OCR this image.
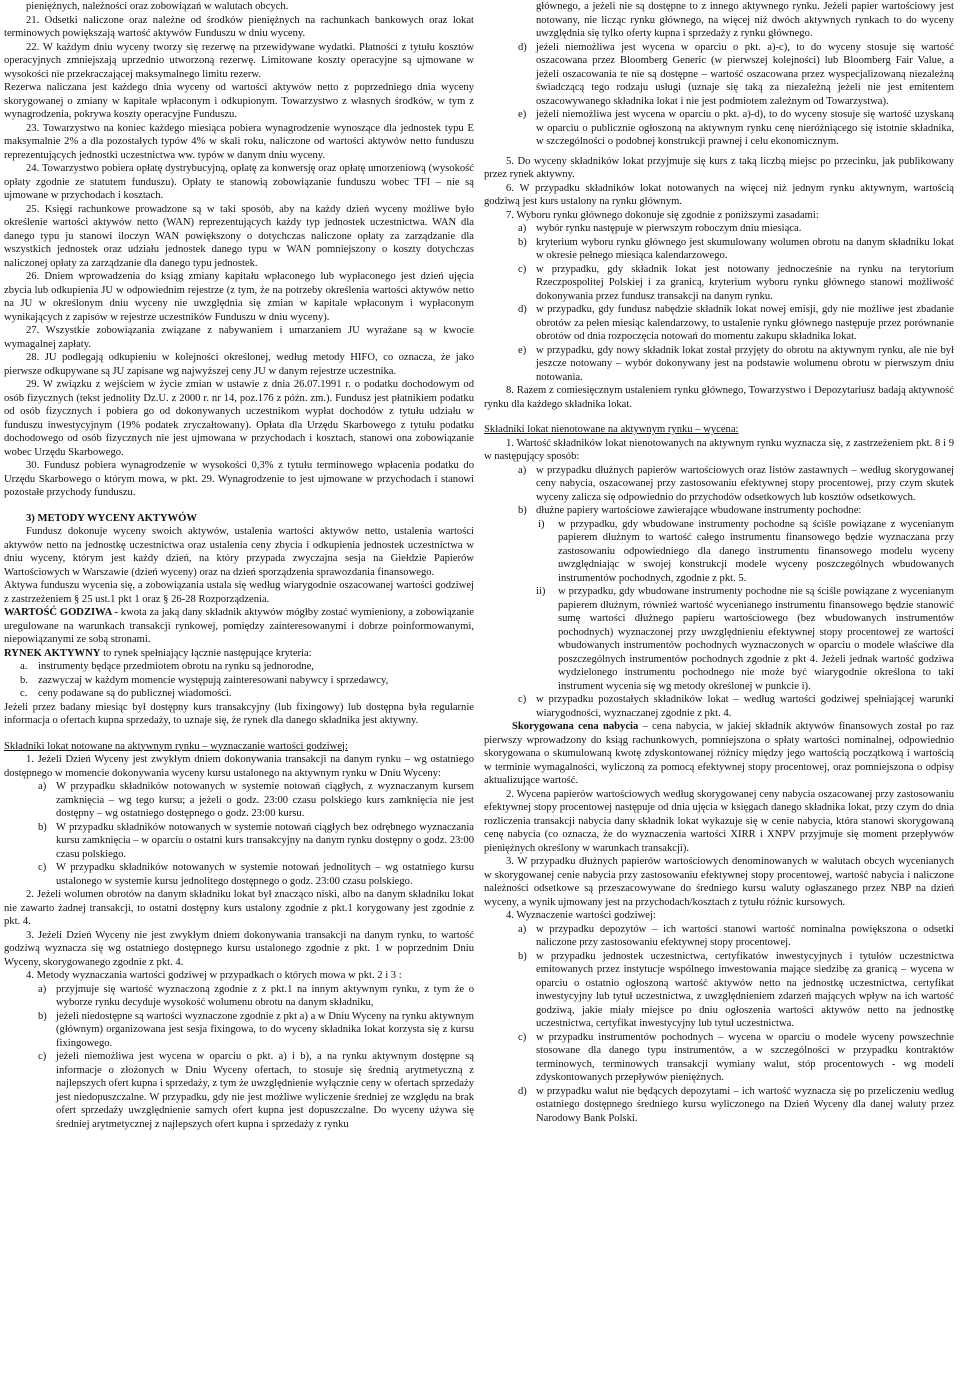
pieniężnych, należności oraz zobowiązań w walutach obcych.

21. Odsetki naliczone oraz należne od środków pieniężnych na rachunkach bankowych oraz lokat terminowych powiększają wartość aktywów Funduszu w dniu wyceny.

22. W każdym dniu wyceny tworzy się rezerwę na przewidywane wydatki. Płatności z tytułu kosztów operacyjnych zmniejszają uprzednio utworzoną rezerwę. Limitowane koszty operacyjne są ujmowane w wysokości nie przekraczającej maksymalnego limitu rezerw.

Rezerwa naliczana jest każdego dnia wyceny od wartości aktywów netto z poprzedniego dnia wyceny skorygowanej o zmiany w kapitale wpłaconym i odkupionym. Towarzystwo z własnych środków, w tym z wynagrodzenia, pokrywa koszty operacyjne Funduszu.

23. Towarzystwo na koniec każdego miesiąca pobiera wynagrodzenie wynoszące dla jednostek typu E maksymalnie 2% a dla pozostałych typów 4% w skali roku, naliczone od wartości aktywów netto funduszu reprezentujących jednostki uczestnictwa ww. typów w danym dniu wyceny.

24. Towarzystwo pobiera opłatę dystrybucyjną, opłatę za konwersję oraz opłatę umorzeniową (wysokość opłaty zgodnie ze statutem funduszu). Opłaty te stanowią zobowiązanie funduszu wobec TFI – nie są ujmowane w przychodach i kosztach.

25. Księgi rachunkowe prowadzone są w taki sposób, aby na każdy dzień wyceny możliwe było określenie wartości aktywów netto (WAN) reprezentujących każdy typ jednostek uczestnictwa. WAN dla danego typu ju stanowi iloczyn WAN powiększony o dotychczas naliczone opłaty za zarządzanie dla wszystkich jednostek oraz udziału jednostek danego typu w WAN pomniejszony o koszty dotychczas naliczonej opłaty za zarządzanie dla danego typu jednostek.

26. Dniem wprowadzenia do ksiąg zmiany kapitału wpłaconego lub wypłaconego jest dzień ujęcia zbycia lub odkupienia JU w odpowiednim rejestrze (z tym, że na potrzeby określenia wartości aktywów netto na JU w określonym dniu wyceny nie uwzględnia się zmian w kapitale wpłaconym i wypłaconym wynikających z zapisów w rejestrze uczestników Funduszu w dniu wyceny).

27. Wszystkie zobowiązania związane z nabywaniem i umarzaniem JU wyrażane są w kwocie wymagalnej zapłaty.

28. JU podlegają odkupieniu w kolejności określonej, według metody HIFO, co oznacza, że jako pierwsze odkupywane są JU zapisane wg najwyższej ceny JU w danym rejestrze uczestnika.

29. W związku z wejściem w życie zmian w ustawie z dnia 26.07.1991 r. o podatku dochodowym od osób fizycznych (tekst jednolity Dz.U. z 2000 r. nr 14, poz.176 z późn. zm.). Fundusz jest płatnikiem podatku od osób fizycznych i pobiera go od dokonywanych uczestnikom wypłat dochodów z tytułu udziału w funduszu inwestycyjnym (19% podatek zryczałtowany). Opłata dla Urzędu Skarbowego z tytułu podatku dochodowego od osób fizycznych nie jest ujmowana w przychodach i kosztach, stanowi ona zobowiązanie wobec Urzędu Skarbowego.

30. Fundusz pobiera wynagrodzenie w wysokości 0,3% z tytułu terminowego wpłacenia podatku do Urzędu Skarbowego o którym mowa, w pkt. 29. Wynagrodzenie to jest ujmowane w przychodach i stanowi pozostałe przychody funduszu.

3) METODY WYCENY AKTYWÓW

Fundusz dokonuje wyceny swoich aktywów, ustalenia wartości aktywów netto, ustalenia wartości aktywów netto na jednostkę uczestnictwa oraz ustalenia ceny zbycia i odkupienia jednostek uczestnictwa w dniu wyceny, którym jest każdy dzień, na który przypada zwyczajna sesja na Giełdzie Papierów Wartościowych w Warszawie (dzień wyceny) oraz na dzień sporządzenia sprawozdania finansowego.

Aktywa funduszu wycenia się, a zobowiązania ustala się według wiarygodnie oszacowanej wartości godziwej z zastrzeżeniem § 25 ust.1 pkt 1 oraz § 26-28 Rozporządzenia.

WARTOŚĆ GODZIWA - kwota za jaką dany składnik aktywów mógłby zostać wymieniony, a zobowiązanie uregulowane na warunkach transakcji rynkowej, pomiędzy zainteresowanymi i dobrze poinformowanymi, niepowiązanymi ze sobą stronami.

RYNEK AKTYWNY to rynek spełniający łącznie następujące kryteria:

a. instrumenty będące przedmiotem obrotu na rynku są jednorodne,
b. zazwyczaj w każdym momencie występują zainteresowani nabywcy i sprzedawcy,
c. ceny podawane są do publicznej wiadomości.

Jeżeli przez badany miesiąc był dostępny kurs transakcyjny (lub fixingowy) lub dostępna była regularnie informacja o ofertach kupna sprzedaży, to uznaje się, że rynek dla danego składnika jest aktywny.

Składniki lokat notowane na aktywnym rynku – wyznaczanie wartości godziwej:

1. Jeżeli Dzień Wyceny jest zwykłym dniem dokonywania transakcji na danym rynku – wg ostatniego dostępnego w momencie dokonywania wyceny kursu ustalonego na aktywnym rynku w Dniu Wyceny:

a) W przypadku składników notowanych w systemie notowań ciągłych, z wyznaczanym kursem zamknięcia – wg tego kursu; a jeżeli o godz. 23:00 czasu polskiego kurs zamknięcia nie jest dostępny – wg ostatniego dostępnego o godz. 23:00 kursu.
b) W przypadku składników notowanych w systemie notowań ciągłych bez odrębnego wyznaczania kursu zamknięcia – w oparciu o ostatni kurs transakcyjny na danym rynku dostępny o godz. 23:00 czasu polskiego.
c) W przypadku składników notowanych w systemie notowań jednolitych – wg ostatniego kursu ustalonego w systemie kursu jednolitego dostępnego o godz. 23:00 czasu polskiego.

2. Jeżeli wolumen obrotów na danym składniku lokat był znacząco niski, albo na danym składniku lokat nie zawarto żadnej transakcji, to ostatni dostępny kurs ustalony zgodnie z pkt.1 korygowany jest zgodnie z pkt. 4.

3. Jeżeli Dzień Wyceny nie jest zwykłym dniem dokonywania transakcji na danym rynku, to wartość godziwą wyznacza się wg ostatniego dostępnego kursu ustalonego zgodnie z pkt. 1 w poprzednim Dniu Wyceny, skorygowanego zgodnie z pkt. 4.

4. Metody wyznaczania wartości godziwej w przypadkach o których mowa w pkt. 2 i 3 :

a) przyjmuje się wartość wyznaczoną zgodnie z z pkt.1 na innym aktywnym rynku, z tym że o wyborze rynku decyduje wysokość wolumenu obrotu na danym składniku,
b) jeżeli niedostępne są wartości wyznaczone zgodnie z pkt a) a w Dniu Wyceny na rynku aktywnym (głównym) organizowana jest sesja fixingowa, to do wyceny składnika lokat korzysta się z kursu fixingowego.
c) jeżeli niemożliwa jest wycena w oparciu o pkt. a) i b), a na rynku aktywnym dostępne są informacje o złożonych w Dniu Wyceny ofertach, to stosuje się średnią arytmetyczną z najlepszych ofert kupna i sprzedaży, z tym że uwzględnienie wyłącznie ceny w ofertach sprzedaży jest niedopuszczalne. W przypadku, gdy nie jest możliwe wyliczenie średniej ze względu na brak ofert sprzedaży uwzględnienie samych ofert kupna jest dopuszczalne. Do wyceny używa się średniej arytmetycznej z najlepszych ofert kupna i sprzedaży z rynku

głównego, a jeżeli nie są dostępne to z innego aktywnego rynku. Jeżeli papier wartościowy jest notowany, nie licząc rynku głównego, na więcej niż dwóch aktywnych rynkach to do wyceny uwzględnia się tylko oferty kupna i sprzedaży z rynku głównego.

d) jeżeli niemożliwa jest wycena w oparciu o pkt. a)-c), to do wyceny stosuje się wartość oszacowana przez Bloomberg Generic (w pierwszej kolejności) lub Bloomberg Fair Value, a jeżeli oszacowania te nie są dostępne – wartość oszacowana przez wyspecjalizowaną niezależną świadczącą tego rodzaju usługi (uznaje się taką za niezależną jeżeli nie jest emitentem oszacowywanego składnika lokat i nie jest podmiotem zależnym od Towarzystwa).
e) jeżeli niemożliwa jest wycena w oparciu o pkt. a)-d), to do wyceny stosuje się wartość uzyskaną w oparciu o publicznie ogłoszoną na aktywnym rynku cenę nieróżniącego się istotnie składnika, w szczególności o podobnej konstrukcji prawnej i celu ekonomicznym.

5. Do wyceny składników lokat przyjmuje się kurs z taką liczbą miejsc po przecinku, jak publikowany przez rynek aktywny.

6. W przypadku składników lokat notowanych na więcej niż jednym rynku aktywnym, wartością godziwą jest kurs ustalony na rynku głównym.

7. Wyboru rynku głównego dokonuje się zgodnie z poniższymi zasadami:

a) wybór rynku następuje w pierwszym roboczym dniu miesiąca.
b) kryterium wyboru rynku głównego jest skumulowany wolumen obrotu na danym składniku lokat w okresie pełnego miesiąca kalendarzowego.
c) w przypadku, gdy składnik lokat jest notowany jednocześnie na rynku na terytorium Rzeczpospolitej Polskiej i za granicą, kryterium wyboru rynku głównego stanowi możliwość dokonywania przez fundusz transakcji na danym rynku.
d) w przypadku, gdy fundusz nabędzie składnik lokat nowej emisji, gdy nie możliwe jest zbadanie obrotów za pełen miesiąc kalendarzowy, to ustalenie rynku głównego następuje przez porównanie obrotów od dnia rozpoczęcia notowań do momentu zakupu składnika lokat.
e) w przypadku, gdy nowy składnik lokat został przyjęty do obrotu na aktywnym rynku, ale nie był jeszcze notowany – wybór dokonywany jest na podstawie wolumenu obrotu w pierwszym dniu notowania.

8. Razem z comiesięcznym ustaleniem rynku głównego, Towarzystwo i Depozytariusz badają aktywność rynku dla każdego składnika lokat.

Składniki lokat nienotowane na aktywnym rynku – wycena:

1. Wartość składników lokat nienotowanych na aktywnym rynku wyznacza się, z zastrzeżeniem pkt. 8 i 9 w następujący sposób:

a) w przypadku dłużnych papierów wartościowych oraz listów zastawnych – według skorygowanej ceny nabycia, oszacowanej przy zastosowaniu efektywnej stopy procentowej, przy czym skutek wyceny zalicza się odpowiednio do przychodów odsetkowych lub kosztów odsetkowych.
b) dłużne papiery wartościowe zawierające wbudowane instrumenty pochodne:
i) w przypadku, gdy wbudowane instrumenty pochodne są ściśle powiązane z wycenianym papierem dłużnym to wartość całego instrumentu finansowego będzie wyznaczana przy zastosowaniu odpowiedniego dla danego instrumentu finansowego modelu wyceny uwzględniając w swojej konstrukcji modele wyceny poszczególnych wbudowanych instrumentów pochodnych, zgodnie z pkt. 5.
ii) w przypadku, gdy wbudowane instrumenty pochodne nie są ściśle powiązane z wycenianym papierem dłużnym, również wartość wycenianego instrumentu finansowego będzie stanowić sumę wartości dłużnego papieru wartościowego (bez wbudowanych instrumentów pochodnych) wyznaczonej przy uwzględnieniu efektywnej stopy procentowej ze wartości wbudowanych instrumentów pochodnych wyznaczonych w oparciu o modele właściwe dla poszczególnych instrumentów pochodnych zgodnie z pkt 4. Jeżeli jednak wartość godziwa wydzielonego instrumentu pochodnego nie może być wiarygodnie określona to taki instrument wycenia się wg metody określonej w punkcie i).
c) w przypadku pozostałych składników lokat – według wartości godziwej spełniającej warunki wiarygodności, wyznaczanej zgodnie z pkt. 4.

Skorygowana cena nabycia – cena nabycia, w jakiej składnik aktywów finansowych został po raz pierwszy wprowadzony do ksiąg rachunkowych, pomniejszona o spłaty wartości nominalnej, odpowiednio skorygowana o skumulowaną kwotę zdyskontowanej różnicy między jego wartością początkową i wartością w terminie wymagalności, wyliczoną za pomocą efektywnej stopy procentowej, oraz pomniejszona o odpisy aktualizujące wartość.

2. Wycena papierów wartościowych według skorygowanej ceny nabycia oszacowanej przy zastosowaniu efektywnej stopy procentowej następuje od dnia ujęcia w księgach danego składnika lokat, przy czym do dnia rozliczenia transakcji nabycia dany składnik lokat wykazuje się w cenie nabycia, która stanowi skorygowaną cenę nabycia (co oznacza, że do wyznaczenia wartości XIRR i XNPV przyjmuje się moment przepływów pieniężnych określony w warunkach transakcji).

3. W przypadku dłużnych papierów wartościowych denominowanych w walutach obcych wycenianych w skorygowanej cenie nabycia przy zastosowaniu efektywnej stopy procentowej, wartość nabycia i naliczone należności odsetkowe są przeszacowywane do średniego kursu waluty ogłaszanego przez NBP na dzień wyceny, a wynik ujmowany jest na przychodach/kosztach z tytułu różnic kursowych.

4. Wyznaczenie wartości godziwej:

a) w przypadku depozytów – ich wartości stanowi wartość nominalna powiększona o odsetki naliczone przy zastosowaniu efektywnej stopy procentowej.
b) w przypadku jednostek uczestnictwa, certyfikatów inwestycyjnych i tytułów uczestnictwa emitowanych przez instytucje wspólnego inwestowania mające siedzibę za granicą – wycena w oparciu o ostatnio ogłoszoną wartość aktywów netto na jednostkę uczestnictwa, certyfikat inwestycyjny lub tytuł uczestnictwa, z uwzględnieniem zdarzeń mających wpływ na ich wartość godziwą, jakie miały miejsce po dniu ogłoszenia wartości aktywów netto na jednostkę uczestnictwa, certyfikat inwestycyjny lub tytuł uczestnictwa.
c) w przypadku instrumentów pochodnych – wycena w oparciu o modele wyceny powszechnie stosowane dla danego typu instrumentów, a w szczególności w przypadku kontraktów terminowych, terminowych transakcji wymiany walut, stóp procentowych - wg modeli zdyskontowanych przepływów pieniężnych.
d) w przypadku walut nie będących depozytami – ich wartość wyznacza się po przeliczeniu według ostatniego dostępnego średniego kursu wyliczonego na Dzień Wyceny dla danej waluty przez Narodowy Bank Polski.
